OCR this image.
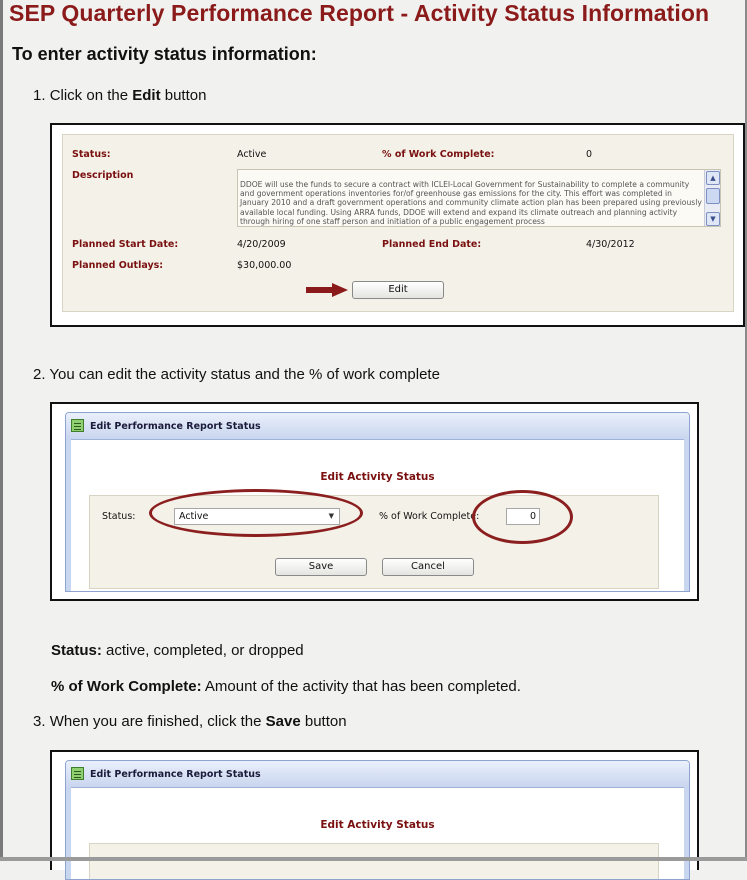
SEP Quarterly Performance Report - Activity Status Information
To enter activity status information:
1. Click on the Edit button
Status:	Active	% of Work Complete:	0
Description
DDOE will use the funds to secure a contract with ICLEI-Local Government for Sustainability to complete a community and government operations inventories for/of greenhouse gas emissions for the city. This effort was completed in January 2010 and a draft government operations and community climate action plan has been prepared using previously available local funding. Using ARRA funds, DDOE will extend and expand its climate outreach and planning activity through hiring of one staff person and initiation of a public engagement process
▲
▼
Planned Start Date:	4/20/2009	Planned End Date:	4/30/2012
Planned Outlays:	$30,000.00
Edit
2. You can edit the activity status and the % of work complete
Edit Performance Report Status
Edit Activity Status
Status:	Active	▼	% of Work Complete:	0
Save	Cancel
Status: active, completed, or dropped
% of Work Complete: Amount of the activity that has been completed.
3. When you are finished, click the Save button
Edit Performance Report Status
Edit Activity Status
